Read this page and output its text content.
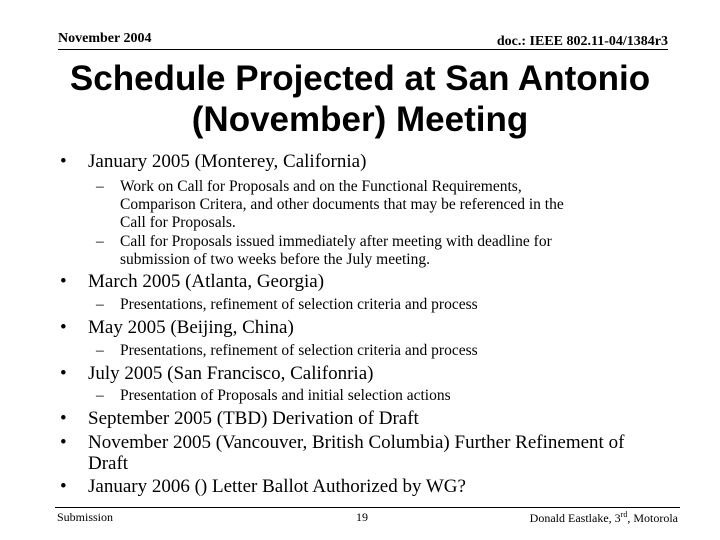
November 2004	doc.: IEEE 802.11-04/1384r3
Schedule Projected at San Antonio
(November) Meeting
• January 2005 (Monterey, California)
– Work on Call for Proposals and on the Functional Requirements,
Comparison Critera, and other documents that may be referenced in the
Call for Proposals.
– Call for Proposals issued immediately after meeting with deadline for
submission of two weeks before the July meeting.
• March 2005 (Atlanta, Georgia)
– Presentations, refinement of selection criteria and process
• May 2005 (Beijing, China)
– Presentations, refinement of selection criteria and process
• July 2005 (San Francisco, Califonria)
– Presentation of Proposals and initial selection actions
• September 2005 (TBD) Derivation of Draft
• November 2005 (Vancouver, British Columbia) Further Refinement of
Draft
• January 2006 () Letter Ballot Authorized by WG?
Submission	19	Donald Eastlake, 3rd, Motorola
